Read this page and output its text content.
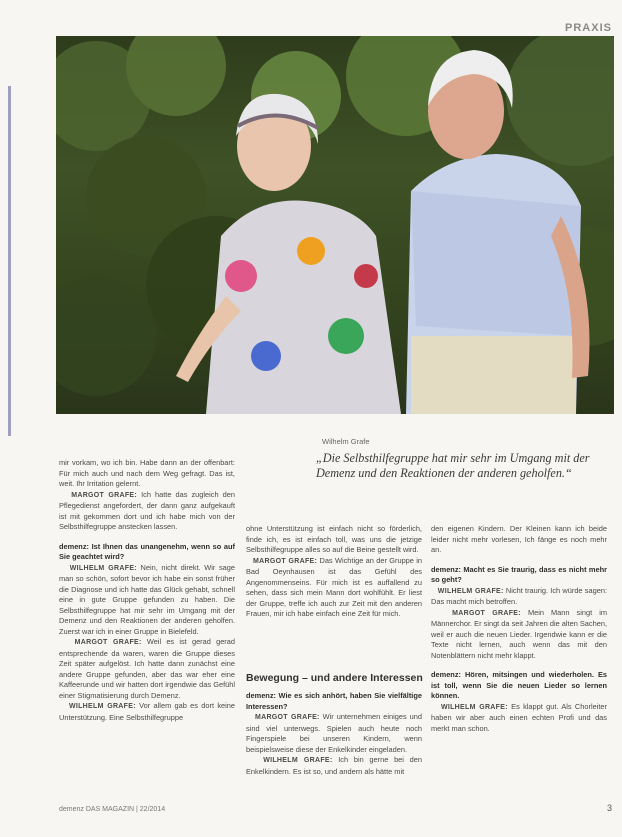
PRAXIS

mir vorkam, wo ich bin. Habe dann an der offenbart: Für mich auch und nach dem Weg gefragt. Das ist, weit. Ihr Irritation gelernt.

MARGOT GRAFE: Ich hatte das zugleich den Pflegedienst angefordert, der dann ganz aufgekauft ist mit gekommen dort und ich habe mich von der Selbsthilfegruppe anstecken lassen.

demenz: Ist Ihnen das unangenehm, wenn so auf Sie geachtet wird?

WILHELM GRAFE: Nein, nicht direkt. Wir sage man so schön, sofort bevor ich habe ein sonst früher die Diagnose und ich hatte das Glück gehabt, schnell eine in gute Gruppe gefunden zu haben. Die Selbsthilfegruppe hat mir sehr im Umgang mit der Demenz und den Reaktionen der anderen geholfen. Zuerst war ich in einer Gruppe in Bielefeld.

MARGOT GRAFE: Weil es ist gerad gerad entsprechende da waren, waren die Gruppe dieses Zeit später aufgelöst. Ich hatte dann zunächst eine andere Gruppe gefunden, aber das war eher eine Kaffeerunde und wir hatten dort irgendwie das Gefühl einer Stigmatisierung durch Demenz.

WILHELM GRAFE: Vor allem gab es dort keine Unterstützung. Eine Selbsthilfegruppe

Wilhelm Grafe
„Die Selbsthilfegruppe hat mir sehr im Umgang mit der Demenz und den Reaktionen der anderen geholfen.“

ohne Unterstützung ist einfach nicht so förderlich, finde ich, es ist einfach toll, was uns die jetzige Selbsthilfegruppe alles so auf die Beine gestellt wird.

MARGOT GRAFE: Das Wichtige an der Gruppe in Bad Oeynhausen ist das Gefühl des Angenommenseins. Für mich ist es auffallend zu sehen, dass sich mein Mann dort wohlfühlt. Er liest der Gruppe, treffe ich auch zur Zeit mit den anderen Frauen, mir ich habe einfach eine Zeit für mich.

Bewegung – und andere Interessen

demenz: Wie es sich anhört, haben Sie vielfältige Interessen?

MARGOT GRAFE: Wir unternehmen einiges und sind viel unterwegs. Spielen auch heute noch Fingerspiele bei unseren Kindern, wenn beispielsweise diese der Enkelkinder eingeladen.

WILHELM GRAFE: Ich bin gerne bei den Enkelkindern. Es ist so, und andern als hätte mit

den eigenen Kindern. Der Kleinen kann ich beide leider nicht mehr vorlesen, Ich fänge es noch mehr an.

demenz: Macht es Sie traurig, dass es nicht mehr so geht?

WILHELM GRAFE: Nicht traurig. Ich würde sagen: Das macht mich betroffen.

MARGOT GRAFE: Mein Mann singt im Männerchor. Er singt da seit Jahren die alten Sachen, weil er auch die neuen Lieder. Irgendwie kann er die Texte nicht lernen, auch wenn das mit den Notenblättern nicht mehr klappt.

demenz: Hören, mitsingen und wiederholen. Es ist toll, wenn Sie die neuen Lieder so lernen können.

WILHELM GRAFE: Es klappt gut. Als Chorleiter haben wir aber auch einen echten Profi und das merkt man schon.

demenz DAS MAGAZIN | 22/2014	3
